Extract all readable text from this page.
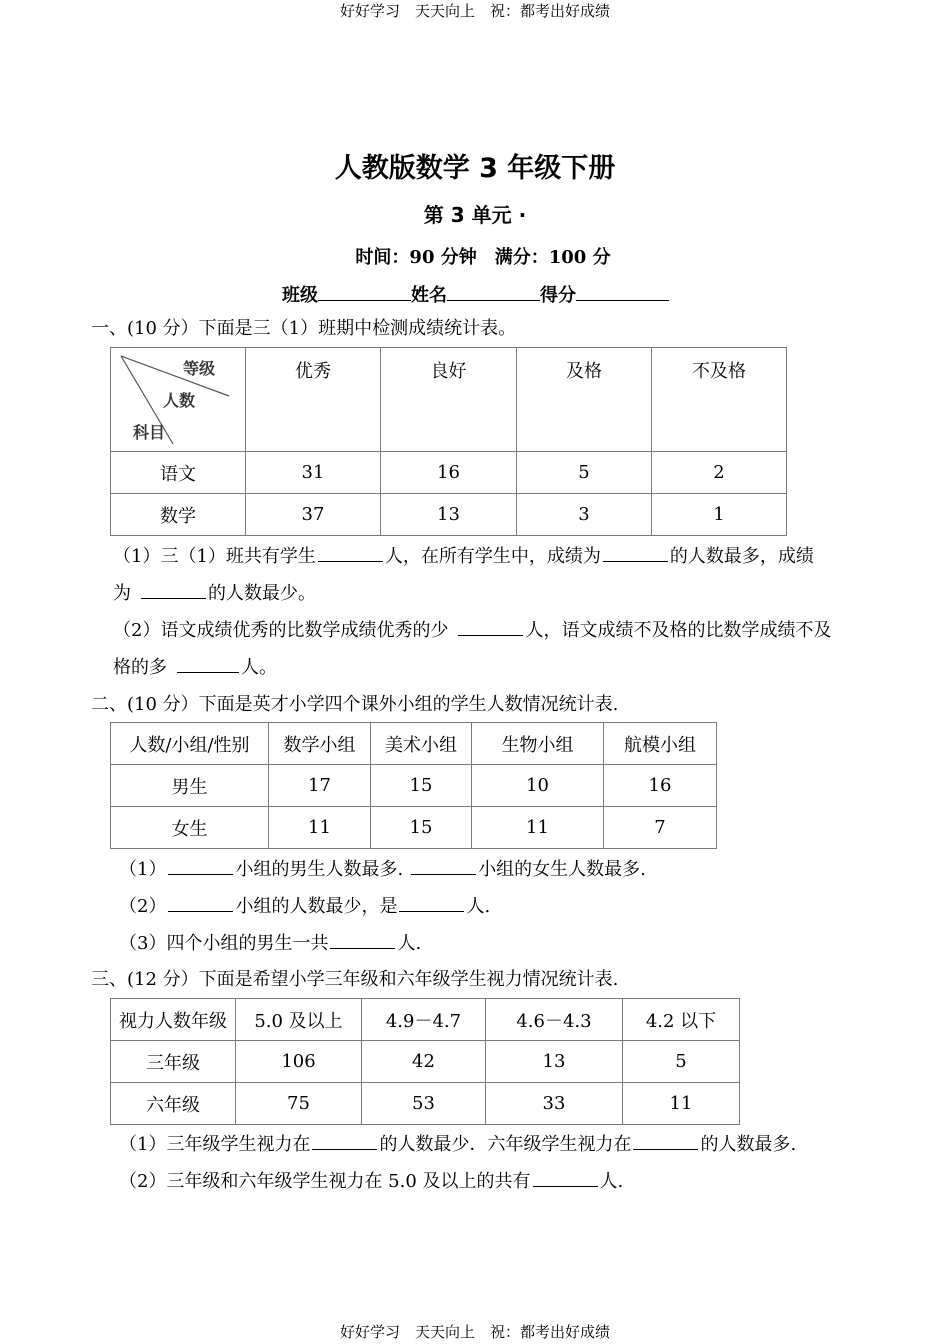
好好学习　天天向上　祝：都考出好成绩
人教版数学 3 年级下册
第 3 单元 ·
时间：90 分钟　满分：100 分
班级	姓名	得分
一、(10 分）下面是三（1）班期中检测成绩统计表。
等级
人数
科目	优秀	良好	及格	不及格
语文	31	16	5	2
数学	37	13	3	1
（1）三（1）班共有学生	人，在所有学生中，成绩为	的人数最多，成绩
为	的人数最少。
（2）语文成绩优秀的比数学成绩优秀的少	人，语文成绩不及格的比数学成绩不及
格的多	人。
二、(10 分）下面是英才小学四个课外小组的学生人数情况统计表.
人数/小组/性别	数学小组	美术小组	生物小组	航模小组
男生	17	15	10	16
女生	11	15	11	7
（1）	小组的男生人数最多.	小组的女生人数最多.
（2）	小组的人数最少，是	人.
（3）四个小组的男生一共	人.
三、(12 分）下面是希望小学三年级和六年级学生视力情况统计表.
视力人数年级	5.0 及以上	4.9－4.7	4.6－4.3	4.2 以下
三年级	106	42	13	5
六年级	75	53	33	11
（1）三年级学生视力在	的人数最少．六年级学生视力在	的人数最多.
（2）三年级和六年级学生视力在 5.0 及以上的共有	人.
好好学习　天天向上　祝：都考出好成绩
